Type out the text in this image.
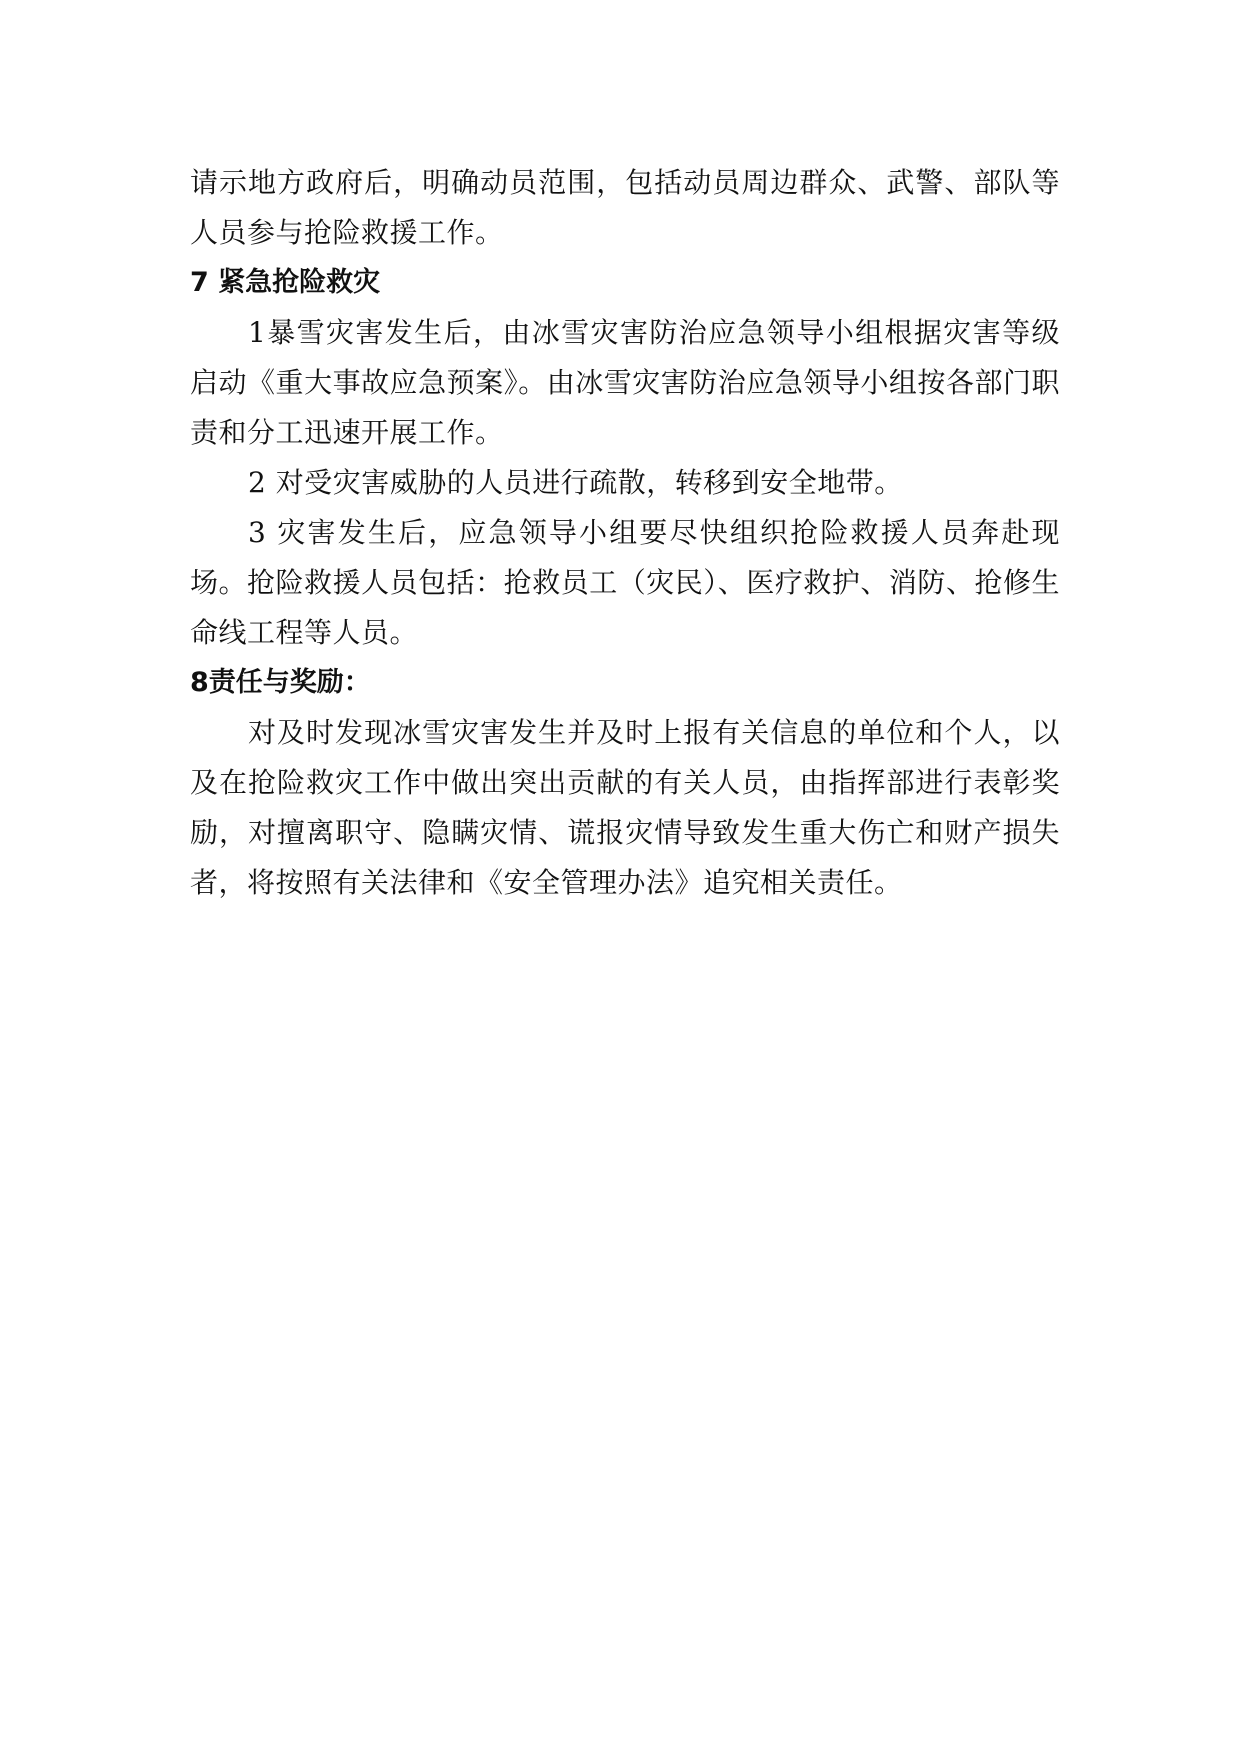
请示地方政府后，明确动员范围，包括动员周边群众、武警、部队等人员参与抢险救援工作。

7 紧急抢险救灾

1暴雪灾害发生后，由冰雪灾害防治应急领导小组根据灾害等级启动《重大事故应急预案》。由冰雪灾害防治应急领导小组按各部门职责和分工迅速开展工作。

2 对受灾害威胁的人员进行疏散，转移到安全地带。

3 灾害发生后，应急领导小组要尽快组织抢险救援人员奔赴现场。抢险救援人员包括：抢救员工（灾民）、医疗救护、消防、抢修生命线工程等人员。

8责任与奖励：

对及时发现冰雪灾害发生并及时上报有关信息的单位和个人，以及在抢险救灾工作中做出突出贡献的有关人员，由指挥部进行表彰奖励，对擅离职守、隐瞒灾情、谎报灾情导致发生重大伤亡和财产损失者，将按照有关法律和《安全管理办法》追究相关责任。
